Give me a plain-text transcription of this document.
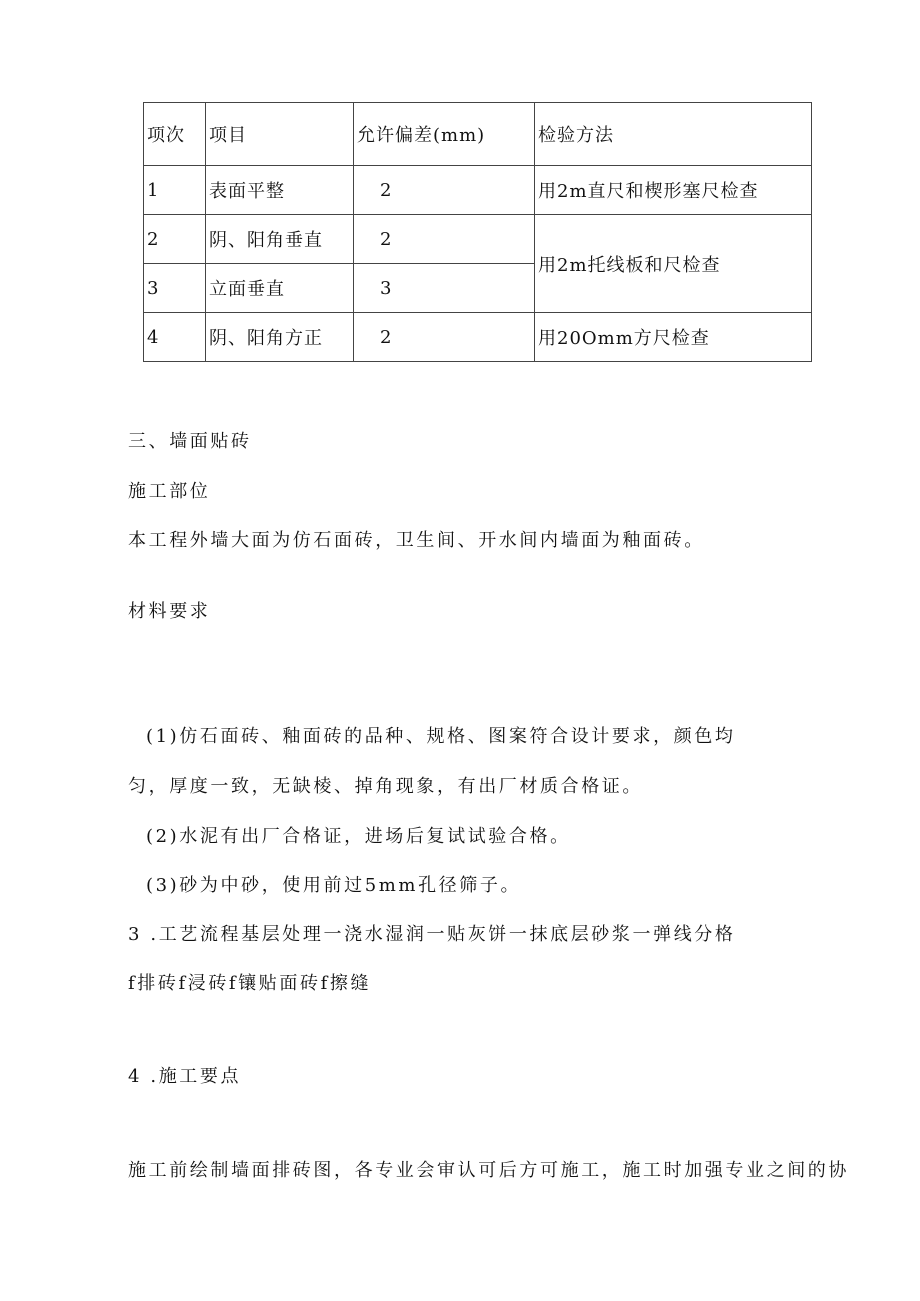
项次	项目	允许偏差(mm)	检验方法
1	表面平整	2	用2m直尺和楔形塞尺检查
2	阴、阳角垂直	2	用2m托线板和尺检查
3	立面垂直	3	
4	阴、阳角方正	2	用20Omm方尺检查

三、墙面贴砖

施工部位

本工程外墙大面为仿石面砖，卫生间、开水间内墙面为釉面砖。

材料要求

(1)仿石面砖、釉面砖的品种、规格、图案符合设计要求，颜色均

匀，厚度一致，无缺棱、掉角现象，有出厂材质合格证。

(2)水泥有出厂合格证，进场后复试试验合格。

(3)砂为中砂，使用前过5mm孔径筛子。

3 .工艺流程基层处理一浇水湿润一贴灰饼一抹底层砂浆一弹线分格

f排砖f浸砖f镶贴面砖f擦缝

4 .施工要点

施工前绘制墙面排砖图，各专业会审认可后方可施工，施工时加强专业之间的协
